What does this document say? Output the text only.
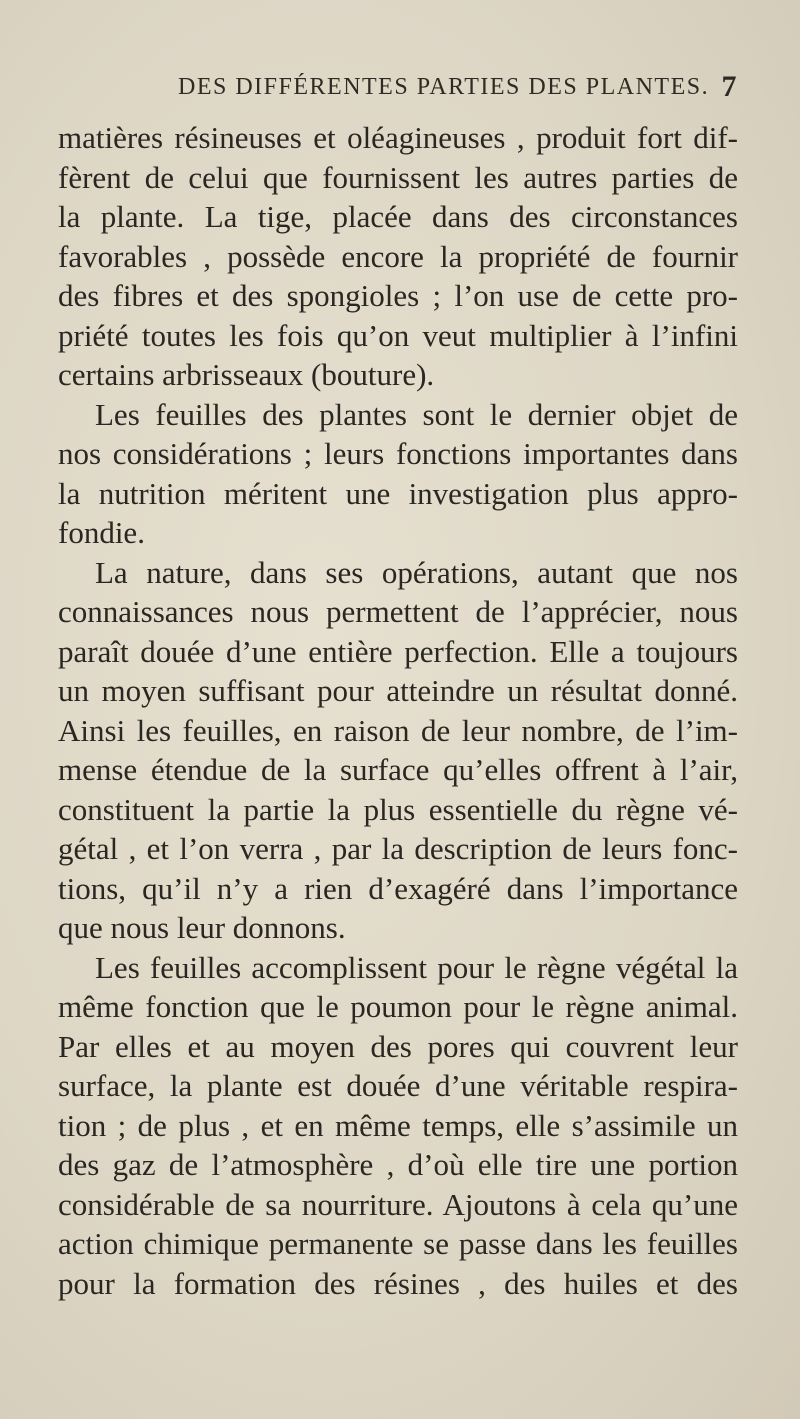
DES DIFFÉRENTES PARTIES DES PLANTES. 7
matières résineuses et oléagineuses , produit fort dif-
fèrent de celui que fournissent les autres parties de
la plante. La tige, placée dans des circonstances
favorables , possède encore la propriété de fournir
des fibres et des spongioles ; l’on use de cette pro-
priété toutes les fois qu’on veut multiplier à l’infini
certains arbrisseaux (bouture).
Les feuilles des plantes sont le dernier objet de
nos considérations ; leurs fonctions importantes dans
la nutrition méritent une investigation plus appro-
fondie.
La nature, dans ses opérations, autant que nos
connaissances nous permettent de l’apprécier, nous
paraît douée d’une entière perfection. Elle a toujours
un moyen suffisant pour atteindre un résultat donné.
Ainsi les feuilles, en raison de leur nombre, de l’im-
mense étendue de la surface qu’elles offrent à l’air,
constituent la partie la plus essentielle du règne vé-
gétal , et l’on verra , par la description de leurs fonc-
tions, qu’il n’y a rien d’exagéré dans l’importance
que nous leur donnons.
Les feuilles accomplissent pour le règne végétal la
même fonction que le poumon pour le règne animal.
Par elles et au moyen des pores qui couvrent leur
surface, la plante est douée d’une véritable respira-
tion ; de plus , et en même temps, elle s’assimile un
des gaz de l’atmosphère , d’où elle tire une portion
considérable de sa nourriture. Ajoutons à cela qu’une
action chimique permanente se passe dans les feuilles
pour la formation des résines , des huiles et des
